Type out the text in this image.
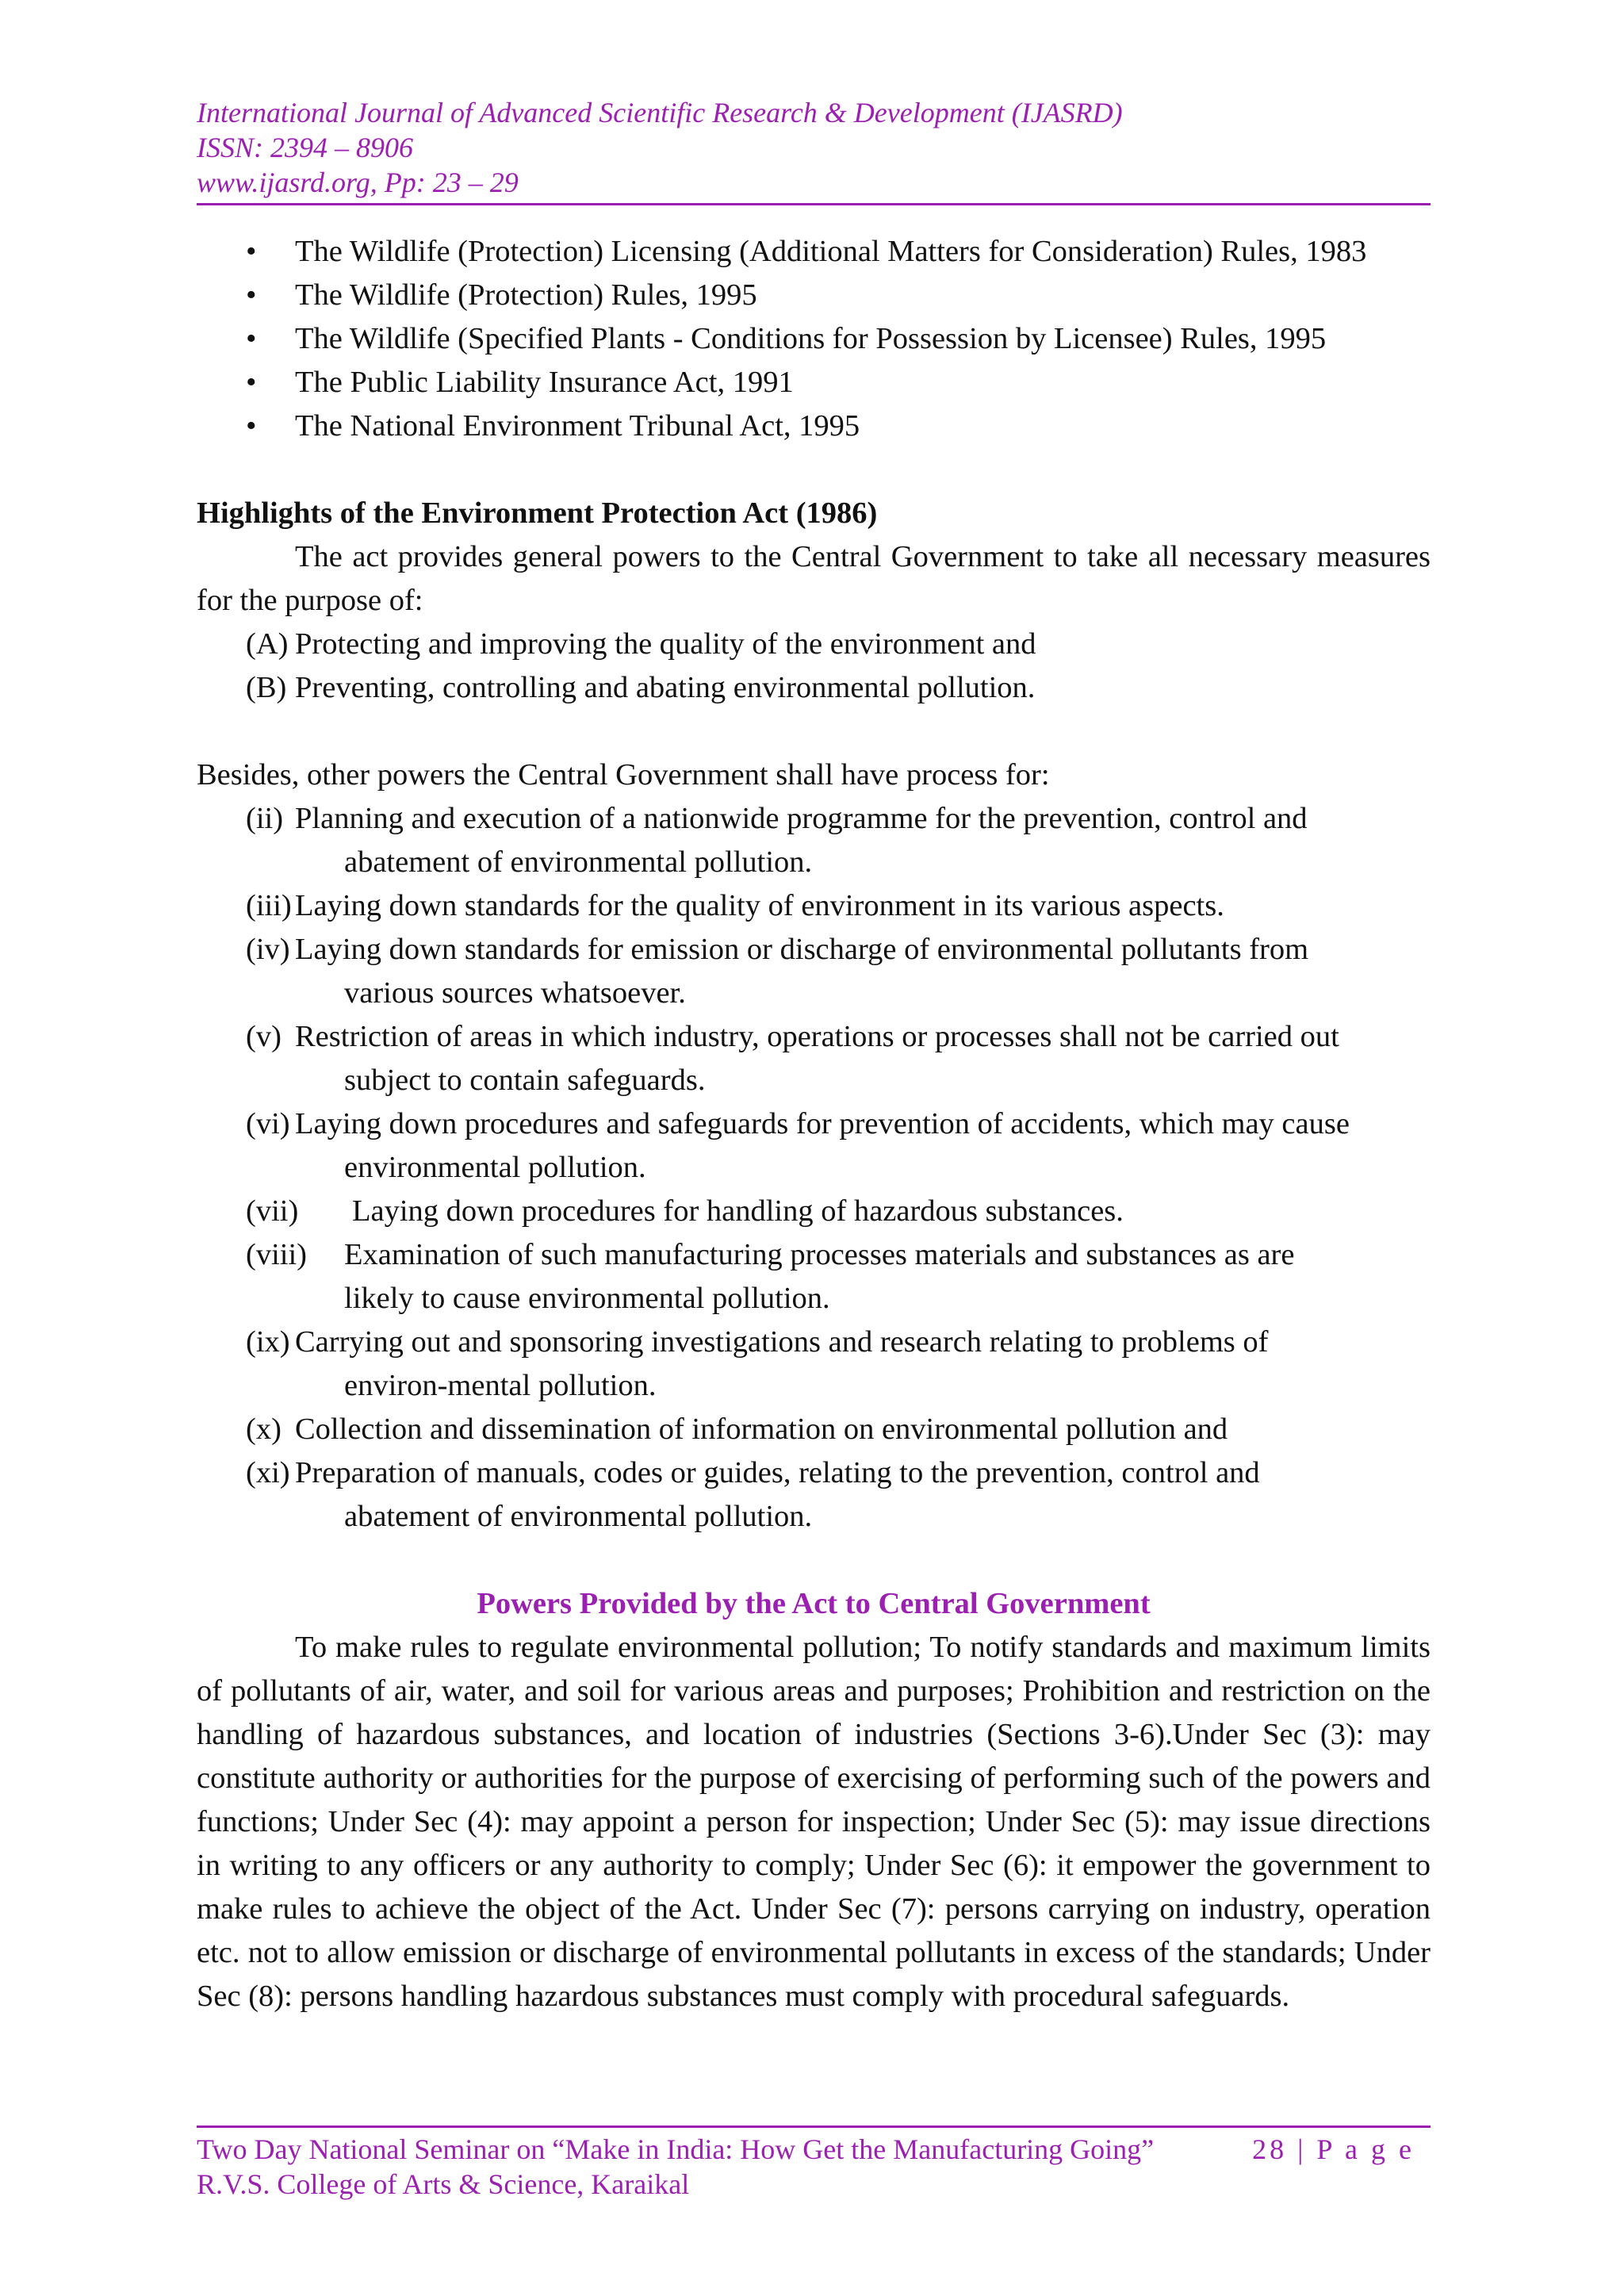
International Journal of Advanced Scientific Research & Development (IJASRD)
ISSN: 2394 – 8906
www.ijasrd.org, Pp: 23 – 29
• The Wildlife (Protection) Licensing (Additional Matters for Consideration) Rules, 1983
• The Wildlife (Protection) Rules, 1995
• The Wildlife (Specified Plants - Conditions for Possession by Licensee) Rules, 1995
• The Public Liability Insurance Act, 1991
• The National Environment Tribunal Act, 1995
Highlights of the Environment Protection Act (1986)
The act provides general powers to the Central Government to take all necessary measures for the purpose of:
(A) Protecting and improving the quality of the environment and
(B) Preventing, controlling and abating environmental pollution.
Besides, other powers the Central Government shall have process for:
(ii) Planning and execution of a nationwide programme for the prevention, control and
abatement of environmental pollution.
(iii) Laying down standards for the quality of environment in its various aspects.
(iv) Laying down standards for emission or discharge of environmental pollutants from
various sources whatsoever.
(v) Restriction of areas in which industry, operations or processes shall not be carried out
subject to contain safeguards.
(vi) Laying down procedures and safeguards for prevention of accidents, which may cause
environmental pollution.
(vii) Laying down procedures for handling of hazardous substances.
(viii) Examination of such manufacturing processes materials and substances as are
likely to cause environmental pollution.
(ix) Carrying out and sponsoring investigations and research relating to problems of
environ-mental pollution.
(x) Collection and dissemination of information on environmental pollution and
(xi) Preparation of manuals, codes or guides, relating to the prevention, control and
abatement of environmental pollution.
Powers Provided by the Act to Central Government
To make rules to regulate environmental pollution; To notify standards and maximum limits of pollutants of air, water, and soil for various areas and purposes; Prohibition and restriction on the handling of hazardous substances, and location of industries (Sections 3-6).Under Sec (3): may constitute authority or authorities for the purpose of exercising of performing such of the powers and functions; Under Sec (4): may appoint a person for inspection; Under Sec (5): may issue directions in writing to any officers or any authority to comply; Under Sec (6): it empower the government to make rules to achieve the object of the Act. Under Sec (7): persons carrying on industry, operation etc. not to allow emission or discharge of environmental pollutants in excess of the standards; Under Sec (8): persons handling hazardous substances must comply with procedural safeguards.
Two Day National Seminar on “Make in India: How Get the Manufacturing Going”	28 | P a g e
R.V.S. College of Arts & Science, Karaikal
